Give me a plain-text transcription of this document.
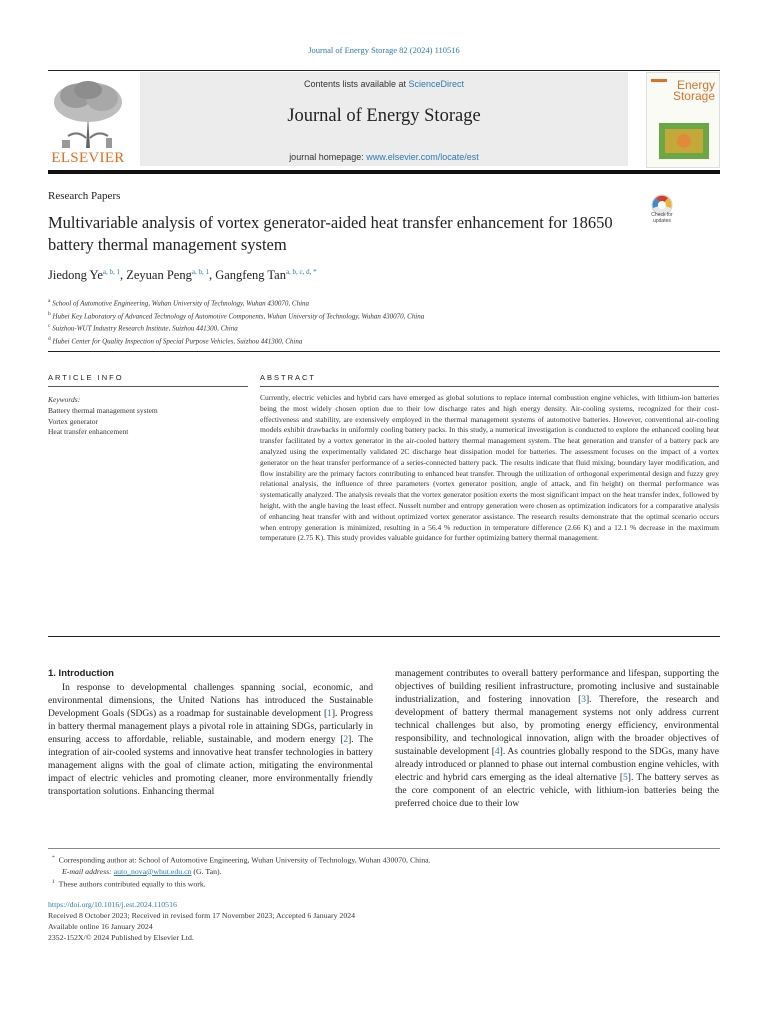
Journal of Energy Storage 82 (2024) 110516
ELSEVIER
Contents lists available at ScienceDirect
Journal of Energy Storage
journal homepage: www.elsevier.com/locate/est
Energy
Storage
Research Papers
Multivariable analysis of vortex generator-aided heat transfer enhancement for 18650 battery thermal management system
Check for
updates
Jiedong Ye$^{a, b, 1}$, Zeyuan Peng$^{a, b, 1}$, Gangfeng Tan$^{a, b, c, d, *}$
$^a$ School of Automotive Engineering, Wuhan University of Technology, Wuhan 430070, China
$^b$ Hubei Key Laboratory of Advanced Technology of Automotive Components, Wuhan University of Technology, Wuhan 430070, China
$^c$ Suizhou-WUT Industry Research Institute, Suizhou 441300, China
$^d$ Hubei Center for Quality Inspection of Special Purpose Vehicles, Suizhou 441300, China
ARTICLE INFO	ABSTRACT
Keywords:
Battery thermal management system
Vortex generator
Heat transfer enhancement
Currently, electric vehicles and hybrid cars have emerged as global solutions to replace internal combustion engine vehicles, with lithium-ion batteries being the most widely chosen option due to their low discharge rates and high energy density. Air-cooling systems, recognized for their cost-effectiveness and stability, are extensively employed in the thermal management systems of automotive batteries. However, conventional air-cooling models exhibit drawbacks in uniformly cooling battery packs. In this study, a numerical investigation is conducted to explore the enhanced cooling heat transfer facilitated by a vortex generator in the air-cooled battery thermal management system. The heat generation and transfer of a battery pack are analyzed using the experimentally validated 2C discharge heat dissipation model for batteries. The assessment focuses on the impact of a vortex generator on the heat transfer performance of a series-connected battery pack. The results indicate that fluid mixing, boundary layer modification, and flow instability are the primary factors contributing to enhanced heat transfer. Through the utilization of orthogonal experimental design and fuzzy grey relational analysis, the influence of three parameters (vortex generator position, angle of attack, and fin height) on thermal performance was systematically analyzed. The analysis reveals that the vortex generator position exerts the most significant impact on the heat transfer index, followed by height, with the angle having the least effect. Nusselt number and entropy generation were chosen as optimization indicators for a comparative analysis of enhancing heat transfer with and without optimized vortex generator assistance. The research results demonstrate that the optimal scenario occurs when entropy generation is minimized, resulting in a 56.4 % reduction in temperature difference (2.66 K) and a 12.1 % decrease in the maximum temperature (2.75 K). This study provides valuable guidance for further optimizing battery thermal management.
1. Introduction

In response to developmental challenges spanning social, economic, and environmental dimensions, the United Nations has introduced the Sustainable Development Goals (SDGs) as a roadmap for sustainable development [1]. Progress in battery thermal management plays a pivotal role in attaining SDGs, particularly in ensuring access to affordable, reliable, sustainable, and modern energy [2]. The integration of air-cooled systems and innovative heat transfer technologies in battery management aligns with the goal of climate action, mitigating the environmental impact of electric vehicles and promoting cleaner, more environmentally friendly transportation solutions. Enhancing thermal

management contributes to overall battery performance and lifespan, supporting the objectives of building resilient infrastructure, promoting inclusive and sustainable industrialization, and fostering innovation [3]. Therefore, the research and development of battery thermal management systems not only address current technical challenges but also, by promoting energy efficiency, environmental responsibility, and technological innovation, align with the broader objectives of sustainable development [4]. As countries globally respond to the SDGs, many have already introduced or planned to phase out internal combustion engine vehicles, with electric and hybrid cars emerging as the ideal alternative [5]. The battery serves as the core component of an electric vehicle, with lithium-ion batteries being the preferred choice due to their low
* Corresponding author at: School of Automotive Engineering, Wuhan University of Technology, Wuhan 430070, China.
E-mail address: auto_nova@whut.edu.cn (G. Tan).
$^1$ These authors contributed equally to this work.
https://doi.org/10.1016/j.est.2024.110516
Received 8 October 2023; Received in revised form 17 November 2023; Accepted 6 January 2024
Available online 16 January 2024
2352-152X/© 2024 Published by Elsevier Ltd.
